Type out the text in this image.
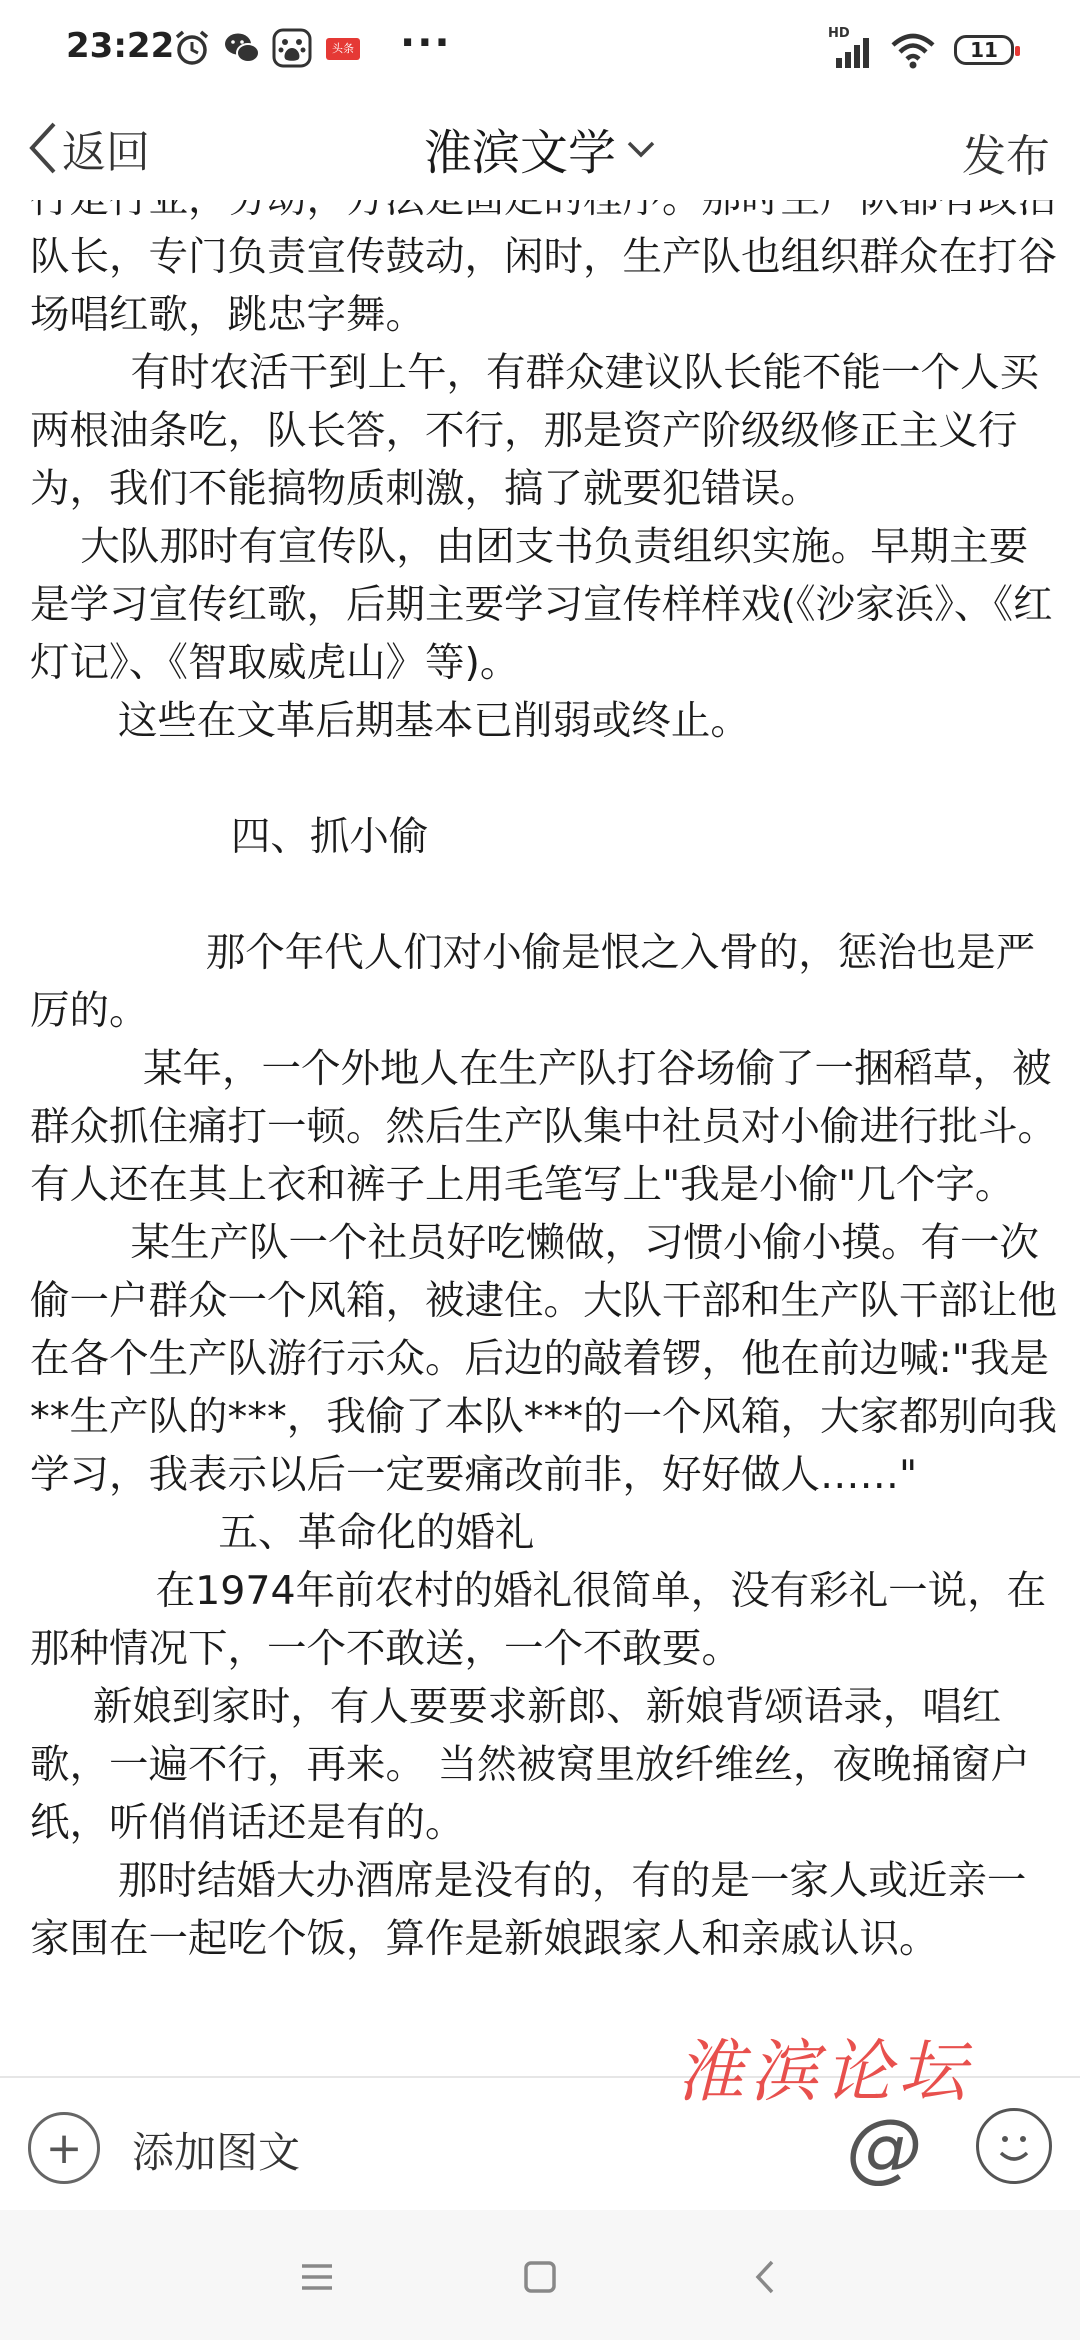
23:22	头条 ···	HD
11
返回	淮滨文学	发布

队长，专门负责宣传鼓动，闲时，生产队也组织群众在打谷场唱红歌，跳忠字舞。

有时农活干到上午，有群众建议队长能不能一个人买两根油条吃，队长答，不行，那是资产阶级级修正主义行为，我们不能搞物质刺激，搞了就要犯错误。

大队那时有宣传队，由团支书负责组织实施。早期主要是学习宣传红歌，后期主要学习宣传样样戏(《沙家浜》、《红灯记》、《智取威虎山》等)。

这些在文革后期基本已削弱或终止。

四、抓小偷

那个年代人们对小偷是恨之入骨的，惩治也是严厉的。

某年，一个外地人在生产队打谷场偷了一捆稻草，被群众抓住痛打一顿。然后生产队集中社员对小偷进行批斗。有人还在其上衣和裤子上用毛笔写上"我是小偷"几个字。

某生产队一个社员好吃懒做，习惯小偷小摸。有一次偷一户群众一个风箱，被逮住。大队干部和生产队干部让他在各个生产队游行示众。后边的敲着锣，他在前边喊:"我是**生产队的***，我偷了本队***的一个风箱，大家都别向我学习，我表示以后一定要痛改前非，好好做人……"

五、革命化的婚礼

在1974年前农村的婚礼很简单，没有彩礼一说，在那种情况下，一个不敢送，一个不敢要。

新娘到家时，有人要要求新郎、新娘背颂语录，唱红歌，一遍不行，再来。 当然被窝里放纤维丝，夜晚捅窗户纸，听俏俏话还是有的。

那时结婚大办酒席是没有的，有的是一家人或近亲一家围在一起吃个饭，算作是新娘跟家人和亲戚认识。

淮滨论坛
+ 添加图文	@
